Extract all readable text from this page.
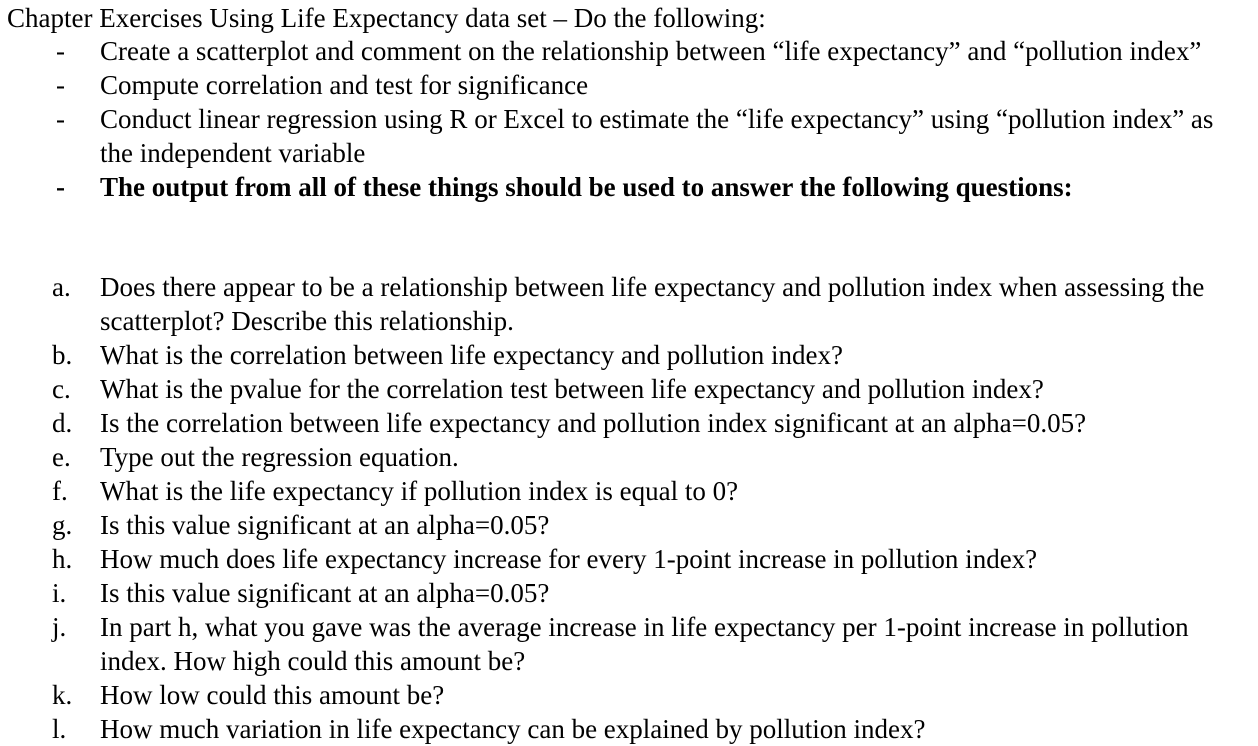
Chapter Exercises Using Life Expectancy data set – Do the following:
- Create a scatterplot and comment on the relationship between “life expectancy” and “pollution index”
- Compute correlation and test for significance
- Conduct linear regression using R or Excel to estimate the “life expectancy” using “pollution index” as the independent variable
- The output from all of these things should be used to answer the following questions:
a.	Does there appear to be a relationship between life expectancy and pollution index when assessing the scatterplot? Describe this relationship.
b.	What is the correlation between life expectancy and pollution index?
c.	What is the pvalue for the correlation test between life expectancy and pollution index?
d.	Is the correlation between life expectancy and pollution index significant at an alpha=0.05?
e.	Type out the regression equation.
f.	What is the life expectancy if pollution index is equal to 0?
g.	Is this value significant at an alpha=0.05?
h.	How much does life expectancy increase for every 1-point increase in pollution index?
i.	Is this value significant at an alpha=0.05?
j.	In part h, what you gave was the average increase in life expectancy per 1-point increase in pollution index. How high could this amount be?
k.	How low could this amount be?
l.	How much variation in life expectancy can be explained by pollution index?
